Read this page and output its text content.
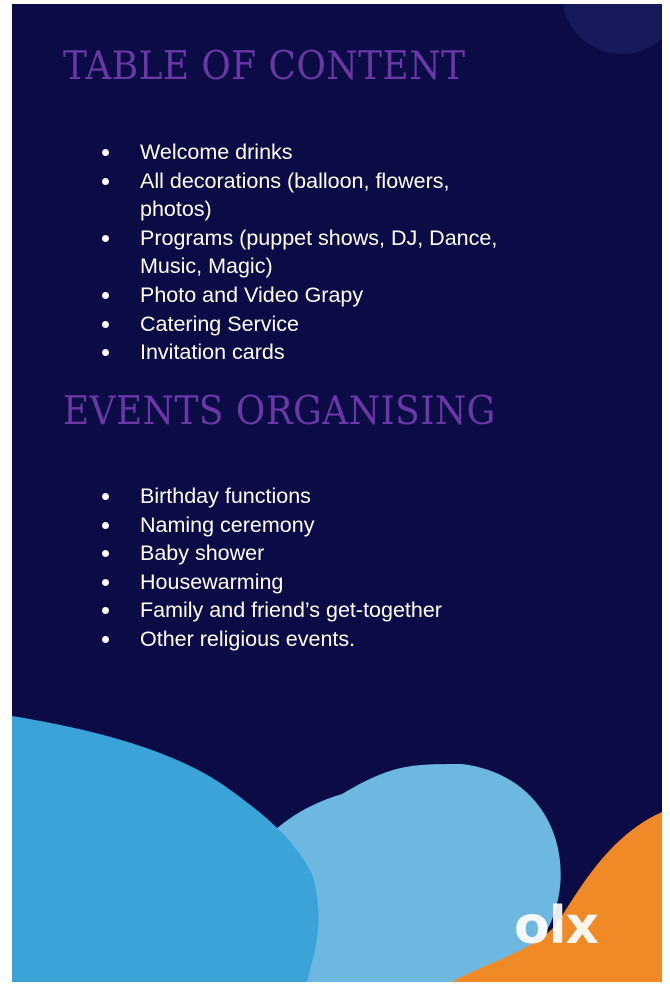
TABLE OF CONTENT
Welcome drinks
All decorations (balloon, flowers, photos)
Programs (puppet shows, DJ, Dance, Music, Magic)
Photo and Video Grapy
Catering Service
Invitation cards
EVENTS ORGANISING
Birthday functions
Naming ceremony
Baby shower
Housewarming
Family and friend’s get-together
Other religious events.
olx
